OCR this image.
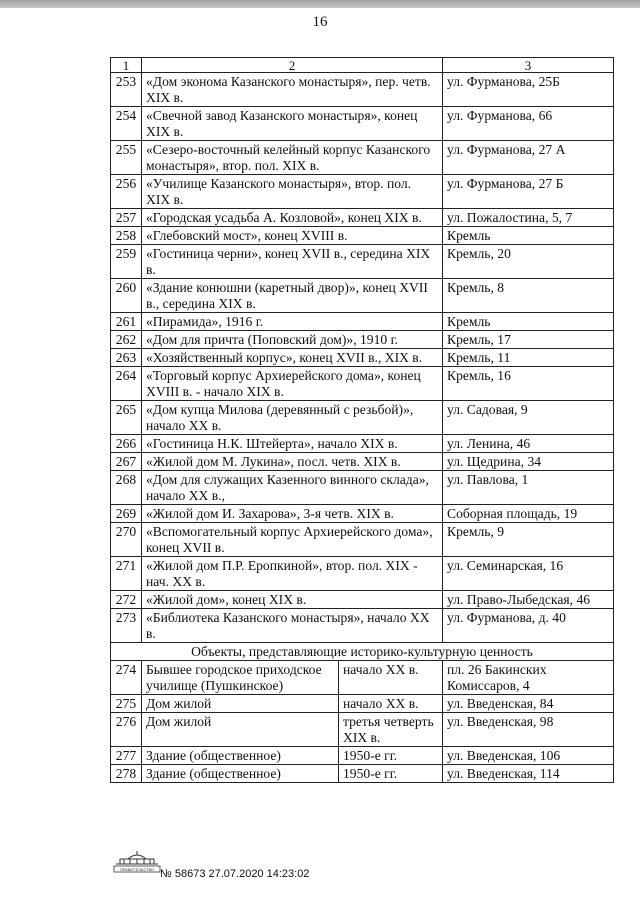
16
1	2		3
253	«Дом эконома Казанского монастыря», пер. четв. XIX в.		ул. Фурманова, 25Б
254	«Свечной завод Казанского монастыря», конец XIX в.		ул. Фурманова, 66
255	«Сезеро-восточный келейный корпус Казанского монастыря», втор. пол. XIX в.		ул. Фурманова, 27 А
256	«Училище Казанского монастыря», втор. пол. XIX в.		ул. Фурманова, 27 Б
257	«Городская усадьба А. Козловой», конец XIX в.		ул. Пожалостина, 5, 7
258	«Глебовский мост», конец XVIII в.		Кремль
259	«Гостиница черни», конец XVII в., середина XIX в.		Кремль, 20
260	«Здание конюшни (каретный двор)», конец XVII в., середина XIX в.		Кремль, 8
261	«Пирамида», 1916 г.		Кремль
262	«Дом для причта (Поповский дом)», 1910 г.		Кремль, 17
263	«Хозяйственный корпус», конец XVII в., XIX в.		Кремль, 11
264	«Торговый корпус Архиерейского дома», конец XVIII в. - начало XIX в.		Кремль, 16
265	«Дом купца Милова (деревянный с резьбой)», начало XX в.		ул. Садовая, 9
266	«Гостиница Н.К. Штейерта», начало XIX в.		ул. Ленина, 46
267	«Жилой дом М. Лукина», посл. четв. XIX в.		ул. Щедрина, 34
268	«Дом для служащих Казенного винного склада», начало XX в.,		ул. Павлова, 1
269	«Жилой дом И. Захарова», 3-я четв. XIX в.		Соборная площадь, 19
270	«Вспомогательный корпус Архиерейского дома», конец XVII в.		Кремль, 9
271	«Жилой дом П.Р. Еропкиной», втор. пол. XIX - нач. XX в.		ул. Семинарская, 16
272	«Жилой дом», конец XIX в.		ул. Право-Лыбедская, 46
273	«Библиотека Казанского монастыря», начало XX в.		ул. Фурманова, д. 40
Объекты, представляющие историко-культурную ценность			
274	Бывшее городское приходское училище (Пушкинское)	начало XX в.	пл. 26 Бакинских Комиссаров, 4
275	Дом жилой	начало XX в.	ул. Введенская, 84
276	Дом жилой	третья четверть XIX в.	ул. Введенская, 98
277	Здание (общественное)	1950-е гг.	ул. Введенская, 106
278	Здание (общественное)	1950-е гг.	ул. Введенская, 114
ПРАВИТЕЛЬСТВО № 58673 27.07.2020 14:23:02
